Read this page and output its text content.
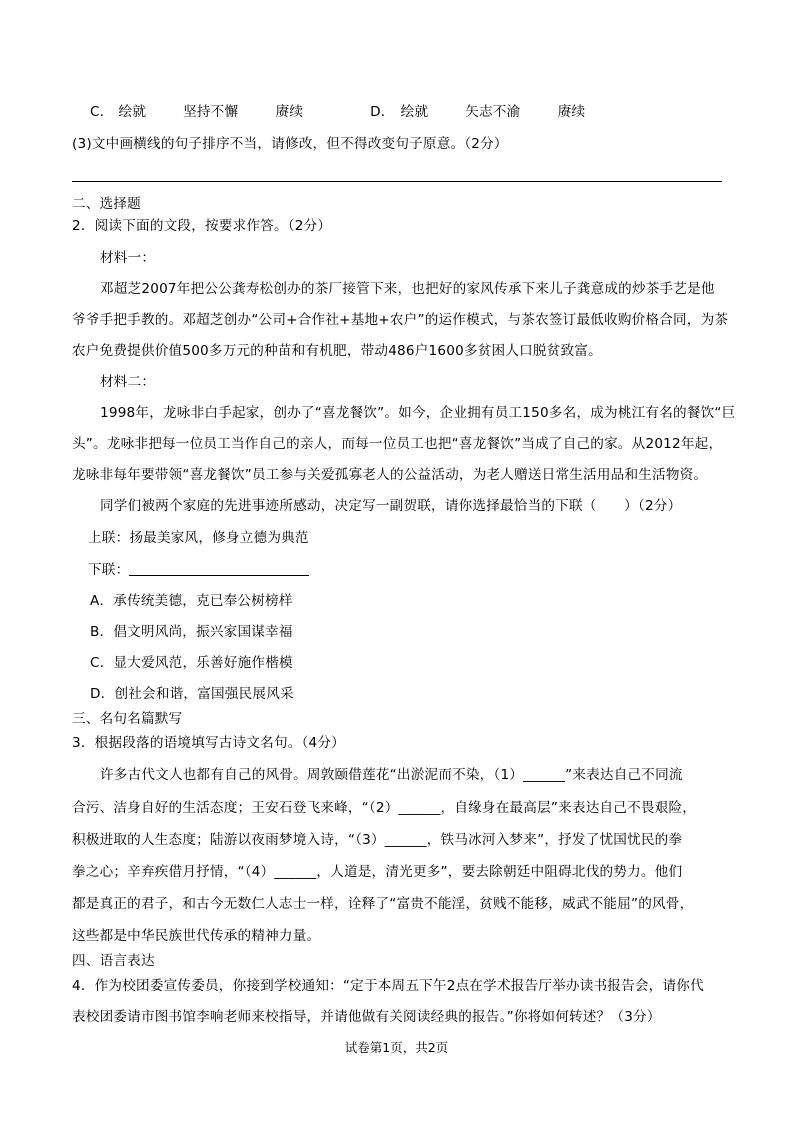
C． 绘就	坚持不懈	赓续	D． 绘就	矢志不渝	赓续
(3)文中画横线的句子排序不当，请修改，但不得改变句子原意。（2分）
二、选择题
2．阅读下面的文段，按要求作答。（2分）
材料一：
邓超芝2007年把公公龚寿松创办的茶厂接管下来，也把好的家风传承下来儿子龚意成的炒茶手艺是他
爷爷手把手教的。邓超芝创办“公司+合作社+基地+农户”的运作模式，与茶农签订最低收购价格合同，为茶
农户免费提供价值500多万元的种苗和有机肥，带动486户1600多贫困人口脱贫致富。
材料二：
1998年，龙咏非白手起家，创办了“喜龙餐饮”。如今，企业拥有员工150多名，成为桃江有名的餐饮“巨
头”。龙咏非把每一位员工当作自己的亲人，而每一位员工也把“喜龙餐饮”当成了自己的家。从2012年起，
龙咏非每年要带领“喜龙餐饮”员工参与关爱孤寡老人的公益活动，为老人赠送日常生活用品和生活物资。
同学们被两个家庭的先进事迹所感动，决定写一副贺联，请你选择最恰当的下联（　　）（2分）
上联：扬最美家风，修身立德为典范
下联：
A．承传统美德，克已奉公树榜样
B．倡文明风尚，振兴家国谋幸福
C．显大爱风范，乐善好施作楷模
D．创社会和谐，富国强民展风采
三、名句名篇默写
3．根据段落的语境填写古诗文名句。（4分）
许多古代文人也都有自己的风骨。周敦颐借莲花“出淤泥而不染，（1）______”来表达自己不同流
合污、洁身自好的生活态度；王安石登飞来峰，“（2）______，自缘身在最高层”来表达自己不畏艰险，
积极进取的人生态度；陆游以夜雨梦境入诗，“（3）______，铁马冰河入梦来”，抒发了忧国忧民的拳
拳之心；辛弃疾借月抒情，“（4）______，人道是，清光更多”，要去除朝廷中阻碍北伐的势力。他们
都是真正的君子，和古今无数仁人志士一样，诠释了“富贵不能淫，贫贱不能移，威武不能屈”的风骨，
这些都是中华民族世代传承的精神力量。
四、语言表达
4．作为校团委宣传委员，你接到学校通知：“定于本周五下午2点在学术报告厅举办读书报告会，请你代
表校团委请市图书馆李响老师来校指导，并请他做有关阅读经典的报告。”你将如何转述？（3分）
试卷第1页，共2页
